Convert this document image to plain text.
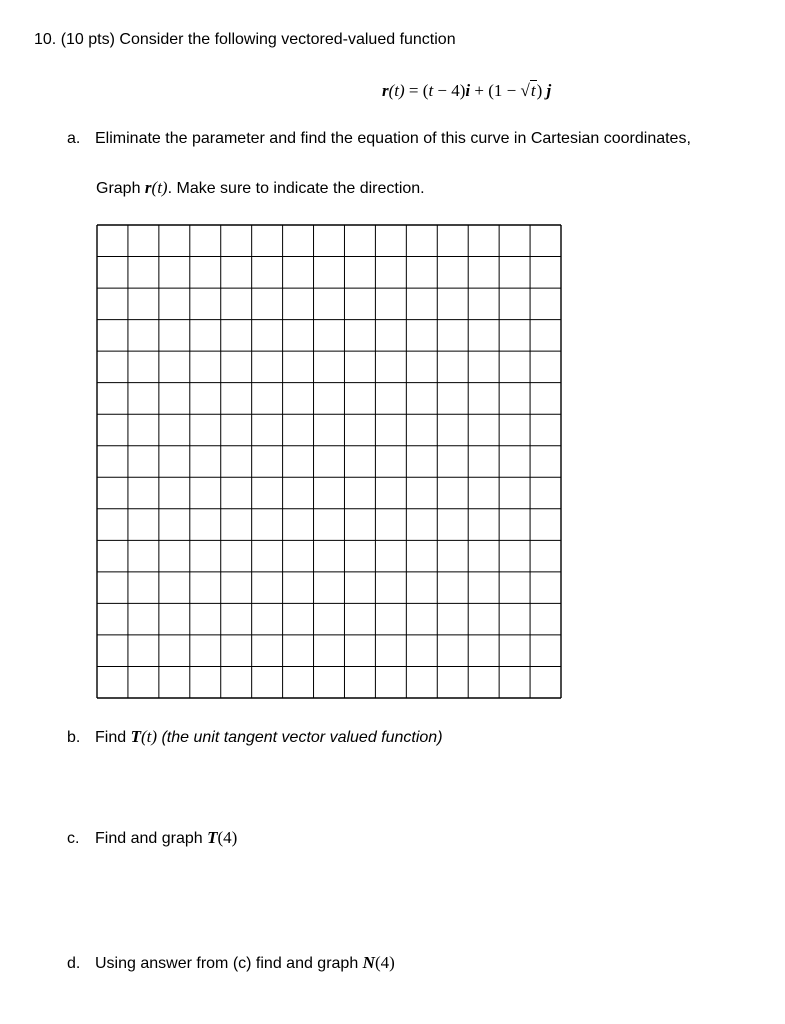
10. (10 pts) Consider the following vectored-valued function
r(t) = (t − 4)i + (1 − √t) j
a. Eliminate the parameter and find the equation of this curve in Cartesian coordinates,
Graph r(t). Make sure to indicate the direction.
b. Find T(t) (the unit tangent vector valued function)
c. Find and graph T(4)
d. Using answer from (c) find and graph N(4)
